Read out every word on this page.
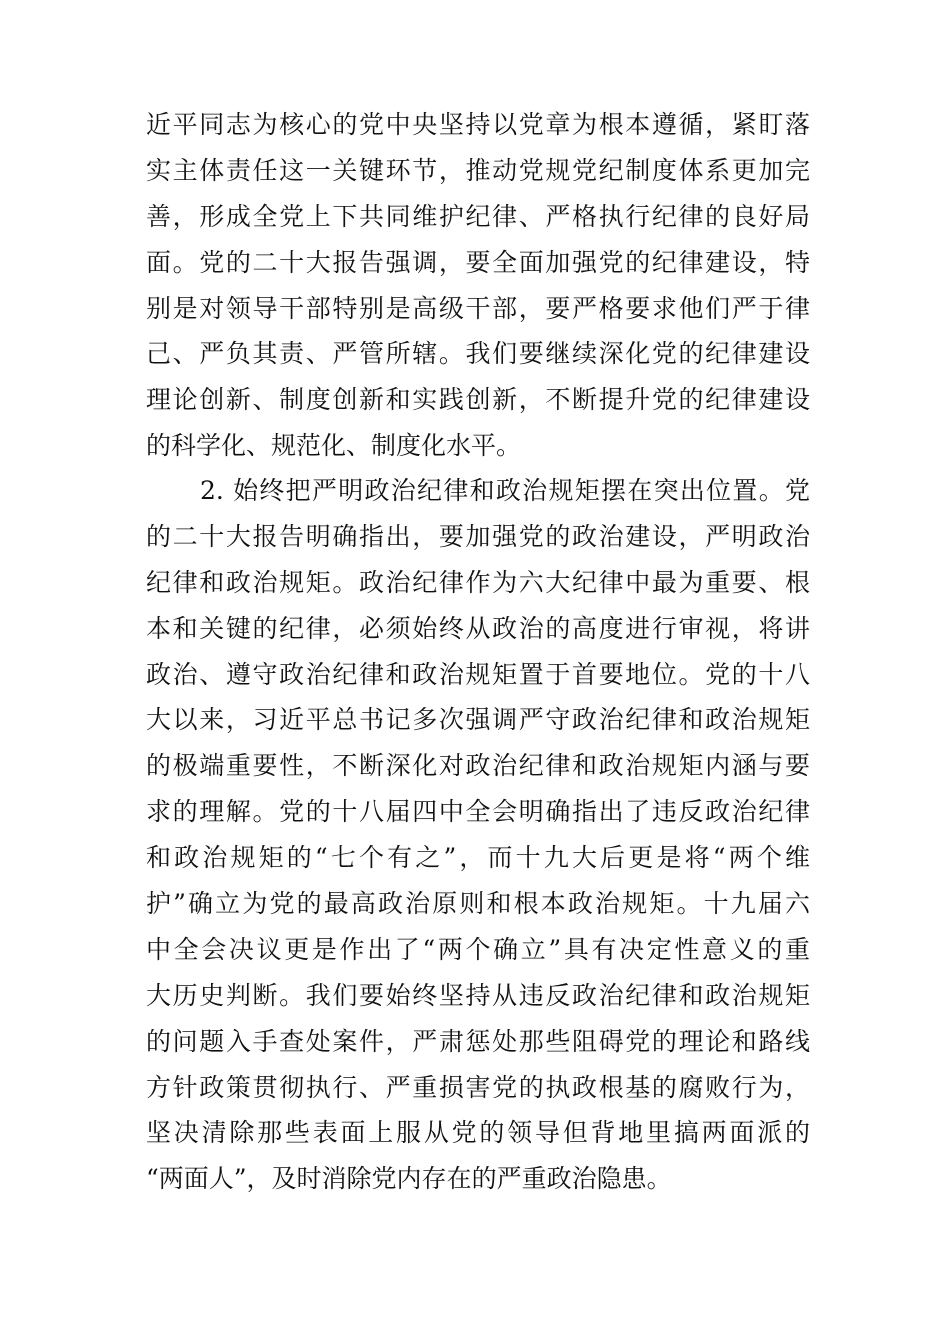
近平同志为核心的党中央坚持以党章为根本遵循，紧盯落
实主体责任这一关键环节，推动党规党纪制度体系更加完
善，形成全党上下共同维护纪律、严格执行纪律的良好局
面。党的二十大报告强调，要全面加强党的纪律建设，特
别是对领导干部特别是高级干部，要严格要求他们严于律
己、严负其责、严管所辖。我们要继续深化党的纪律建设
理论创新、制度创新和实践创新，不断提升党的纪律建设
的科学化、规范化、制度化水平。
2. 始终把严明政治纪律和政治规矩摆在突出位置。党
的二十大报告明确指出，要加强党的政治建设，严明政治
纪律和政治规矩。政治纪律作为六大纪律中最为重要、根
本和关键的纪律，必须始终从政治的高度进行审视，将讲
政治、遵守政治纪律和政治规矩置于首要地位。党的十八
大以来，习近平总书记多次强调严守政治纪律和政治规矩
的极端重要性，不断深化对政治纪律和政治规矩内涵与要
求的理解。党的十八届四中全会明确指出了违反政治纪律
和政治规矩的“七个有之”，而十九大后更是将“两个维
护”确立为党的最高政治原则和根本政治规矩。十九届六
中全会决议更是作出了“两个确立”具有决定性意义的重
大历史判断。我们要始终坚持从违反政治纪律和政治规矩
的问题入手查处案件，严肃惩处那些阻碍党的理论和路线
方针政策贯彻执行、严重损害党的执政根基的腐败行为，
坚决清除那些表面上服从党的领导但背地里搞两面派的
“两面人”，及时消除党内存在的严重政治隐患。
